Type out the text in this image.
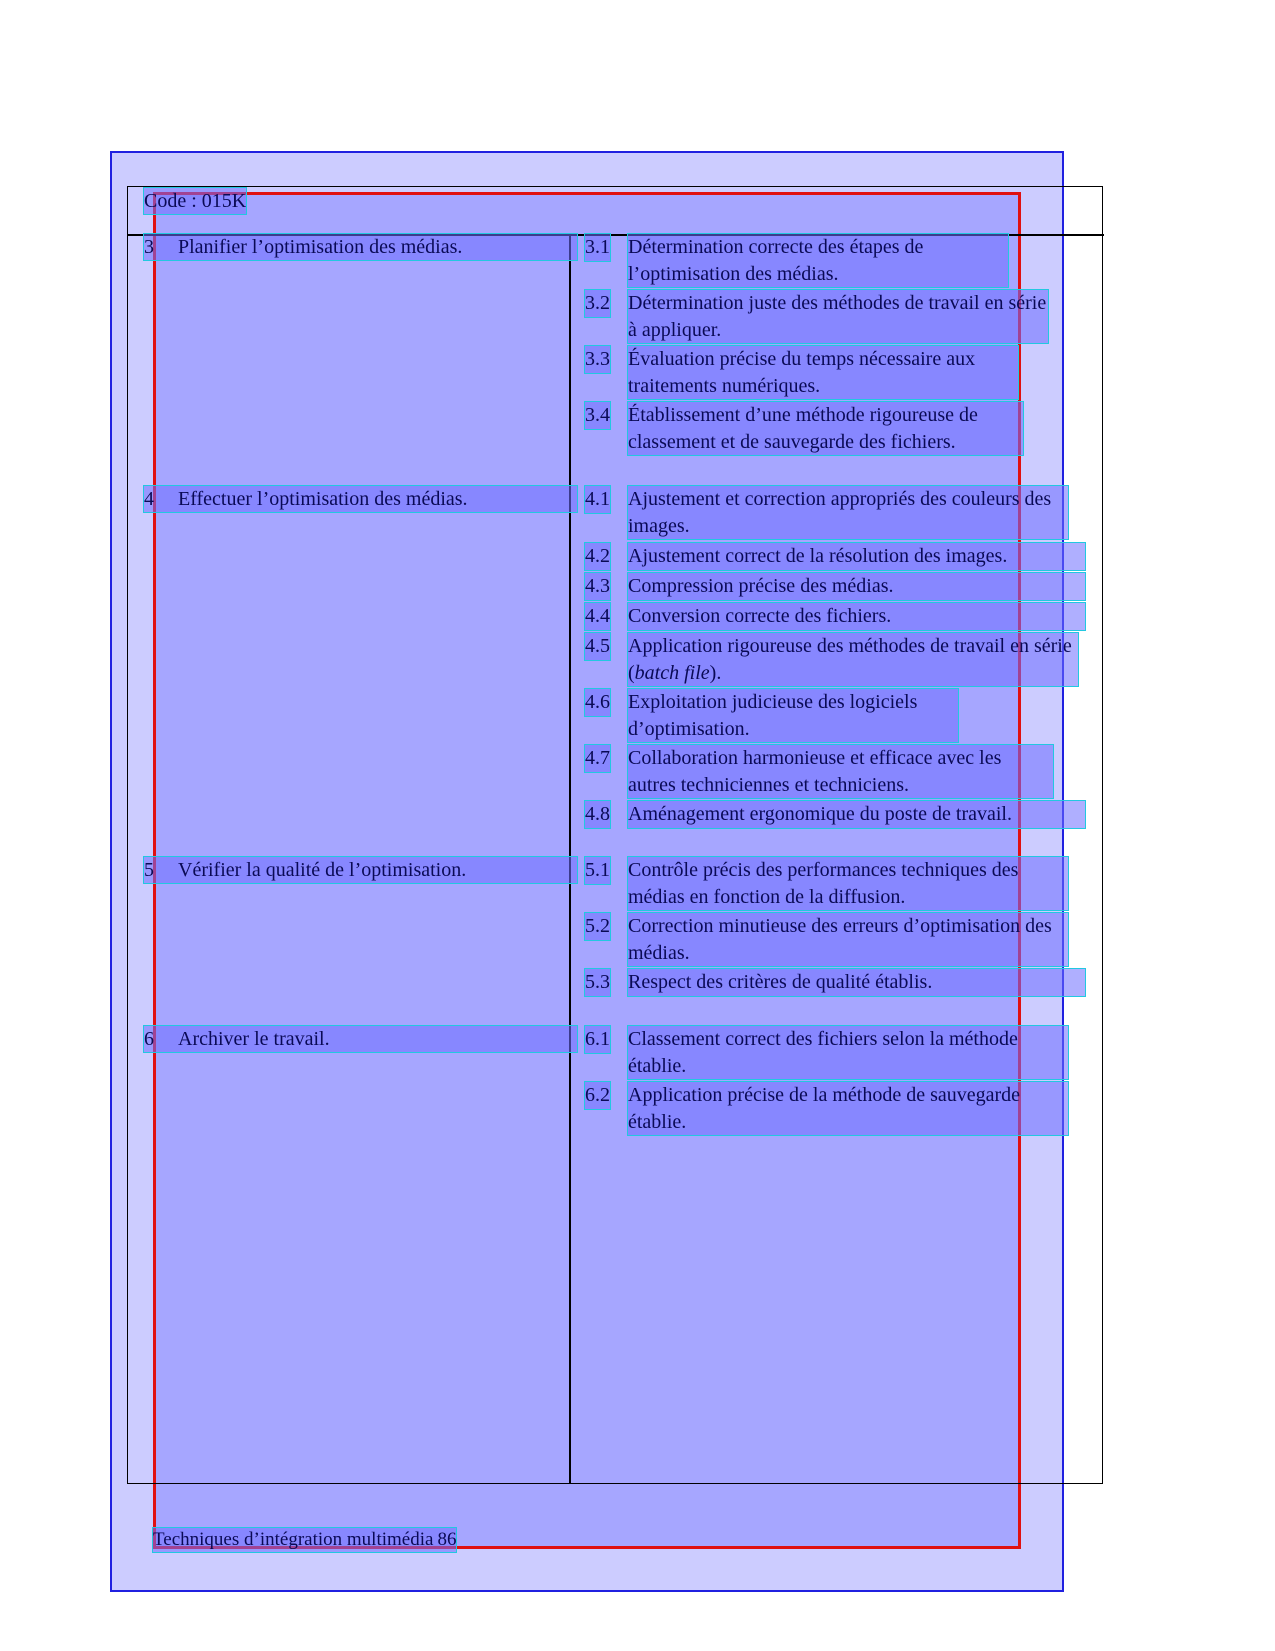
Code : 015K
3 Planifier l’optimisation des médias.	3.1 Détermination correcte des étapes de l’optimisation des médias.
3.2 Détermination juste des méthodes de travail en série à appliquer.
3.3 Évaluation précise du temps nécessaire aux traitements numériques.
3.4 Établissement d’une méthode rigoureuse de classement et de sauvegarde des fichiers.
4 Effectuer l’optimisation des médias.	4.1 Ajustement et correction appropriés des couleurs des images.
4.2 Ajustement correct de la résolution des images.
4.3 Compression précise des médias.
4.4 Conversion correcte des fichiers.
4.5 Application rigoureuse des méthodes de travail en série (batch file).
4.6 Exploitation judicieuse des logiciels d’optimisation.
4.7 Collaboration harmonieuse et efficace avec les autres techniciennes et techniciens.
4.8 Aménagement ergonomique du poste de travail.
5 Vérifier la qualité de l’optimisation.	5.1 Contrôle précis des performances techniques des médias en fonction de la diffusion.
5.2 Correction minutieuse des erreurs d’optimisation des médias.
5.3 Respect des critères de qualité établis.
6 Archiver le travail.	6.1 Classement correct des fichiers selon la méthode établie.
6.2 Application précise de la méthode de sauvegarde établie.
Techniques d’intégration multimédia 86
